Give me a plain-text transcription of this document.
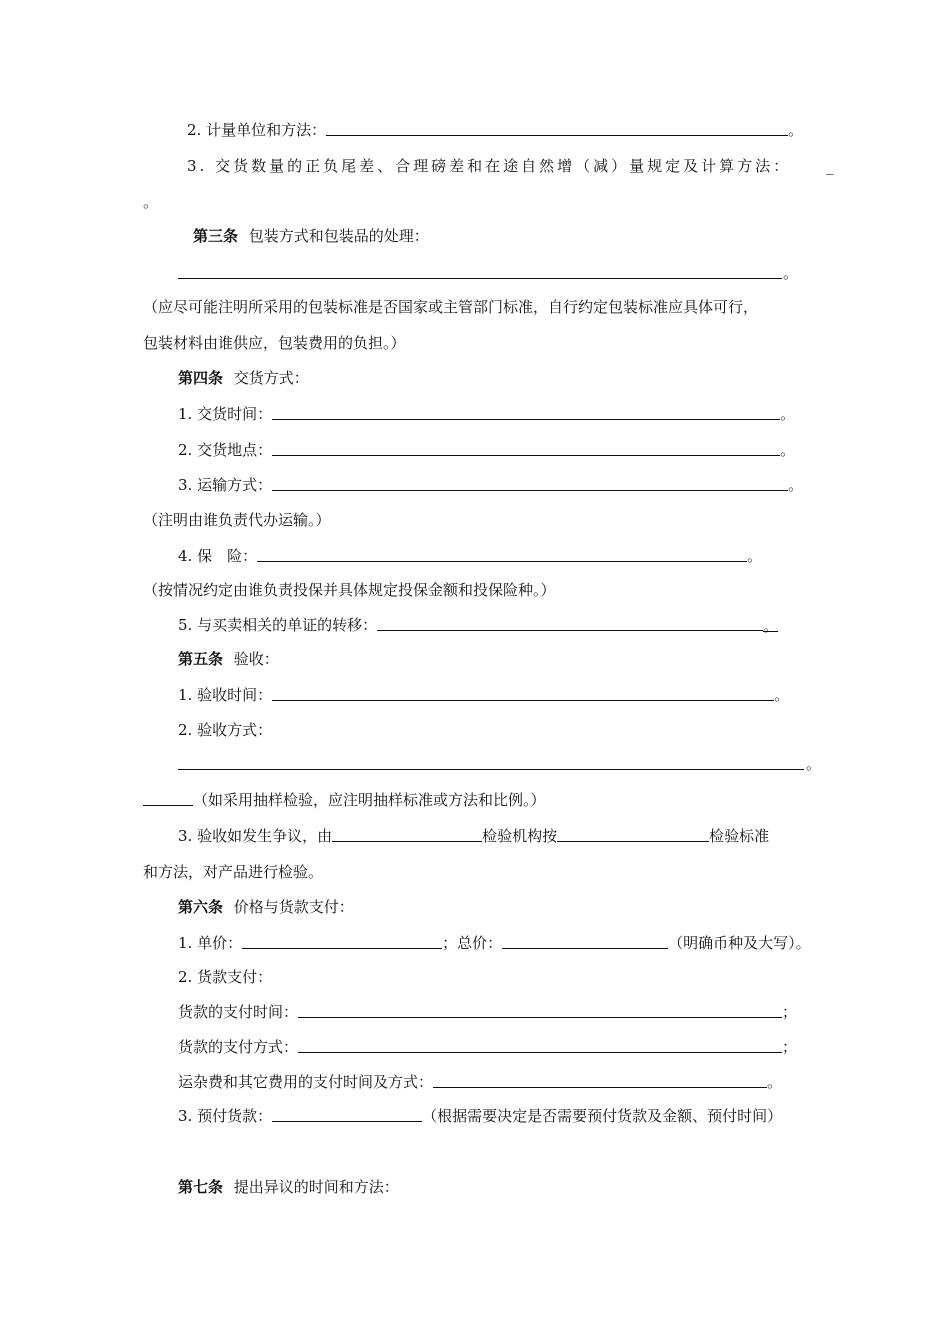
2. 计量单位和方法：	。
3. 交货数量的正负尾差、合理磅差和在途自然增（减）量规定及计算方法： _
。
第三条 包装方式和包装品的处理：
。
（应尽可能注明所采用的包装标准是否国家或主管部门标准，自行约定包装标准应具体可行，
包装材料由谁供应，包装费用的负担。）
第四条 交货方式：
1. 交货时间：	。
2. 交货地点：	。
3. 运输方式：	。
（注明由谁负责代办运输。）
4. 保　险：	。
（按情况约定由谁负责投保并具体规定投保金额和投保险种。）
5. 与买卖相关的单证的转移：	。
第五条 验收：
1. 验收时间：	。
2. 验收方式：
。
（如采用抽样检验，应注明抽样标准或方法和比例。）
3. 验收如发生争议，由	检验机构按	检验标准
和方法，对产品进行检验。
第六条 价格与货款支付：
1. 单价：	；总价：	（明确币种及大写）。
2. 货款支付：
货款的支付时间：	；
货款的支付方式：	；
运杂费和其它费用的支付时间及方式：	。
3. 预付货款：	（根据需要决定是否需要预付货款及金额、预付时间）
第七条 提出异议的时间和方法：
